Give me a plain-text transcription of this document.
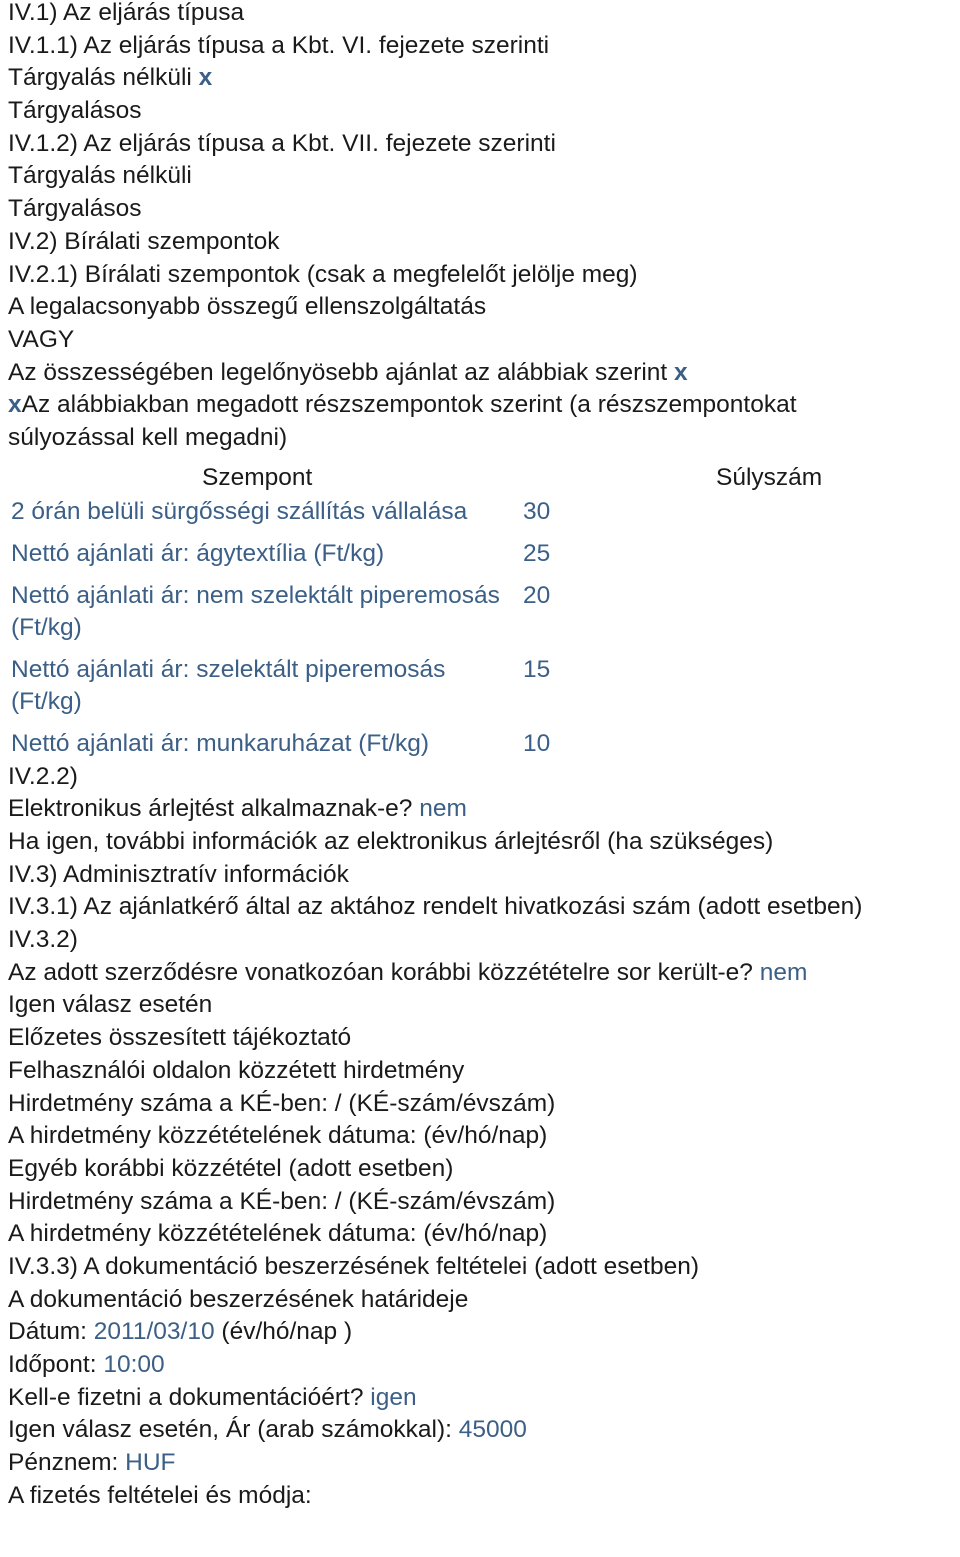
IV.1) Az eljárás típusa
IV.1.1) Az eljárás típusa a Kbt. VI. fejezete szerinti
Tárgyalás nélküli x
Tárgyalásos
IV.1.2) Az eljárás típusa a Kbt. VII. fejezete szerinti
Tárgyalás nélküli
Tárgyalásos
IV.2) Bírálati szempontok
IV.2.1) Bírálati szempontok (csak a megfelelőt jelölje meg)
A legalacsonyabb összegű ellenszolgáltatás
VAGY
Az összességében legelőnyösebb ajánlat az alábbiak szerint x
xAz alábbiakban megadott részszempontok szerint (a részszempontokat
súlyozással kell megadni)
Szempont	Súlyszám
2 órán belüli sürgősségi szállítás vállalása	30
Nettó ajánlati ár: ágytextília (Ft/kg)	25
Nettó ajánlati ár: nem szelektált piperemosás (Ft/kg)	20
Nettó ajánlati ár: szelektált piperemosás (Ft/kg)	15
Nettó ajánlati ár: munkaruházat (Ft/kg)	10
IV.2.2)
Elektronikus árlejtést alkalmaznak-e? nem
Ha igen, további információk az elektronikus árlejtésről (ha szükséges)
IV.3) Adminisztratív információk
IV.3.1) Az ajánlatkérő által az aktához rendelt hivatkozási szám (adott esetben)
IV.3.2)
Az adott szerződésre vonatkozóan korábbi közzétételre sor került-e? nem
Igen válasz esetén
Előzetes összesített tájékoztató
Felhasználói oldalon közzétett hirdetmény
Hirdetmény száma a KÉ-ben: / (KÉ-szám/évszám)
A hirdetmény közzétételének dátuma: (év/hó/nap)
Egyéb korábbi közzététel (adott esetben)
Hirdetmény száma a KÉ-ben: / (KÉ-szám/évszám)
A hirdetmény közzétételének dátuma: (év/hó/nap)
IV.3.3) A dokumentáció beszerzésének feltételei (adott esetben)
A dokumentáció beszerzésének határideje
Dátum: 2011/03/10 (év/hó/nap )
Időpont: 10:00
Kell-e fizetni a dokumentációért? igen
Igen válasz esetén, Ár (arab számokkal): 45000
Pénznem: HUF
A fizetés feltételei és módja:
